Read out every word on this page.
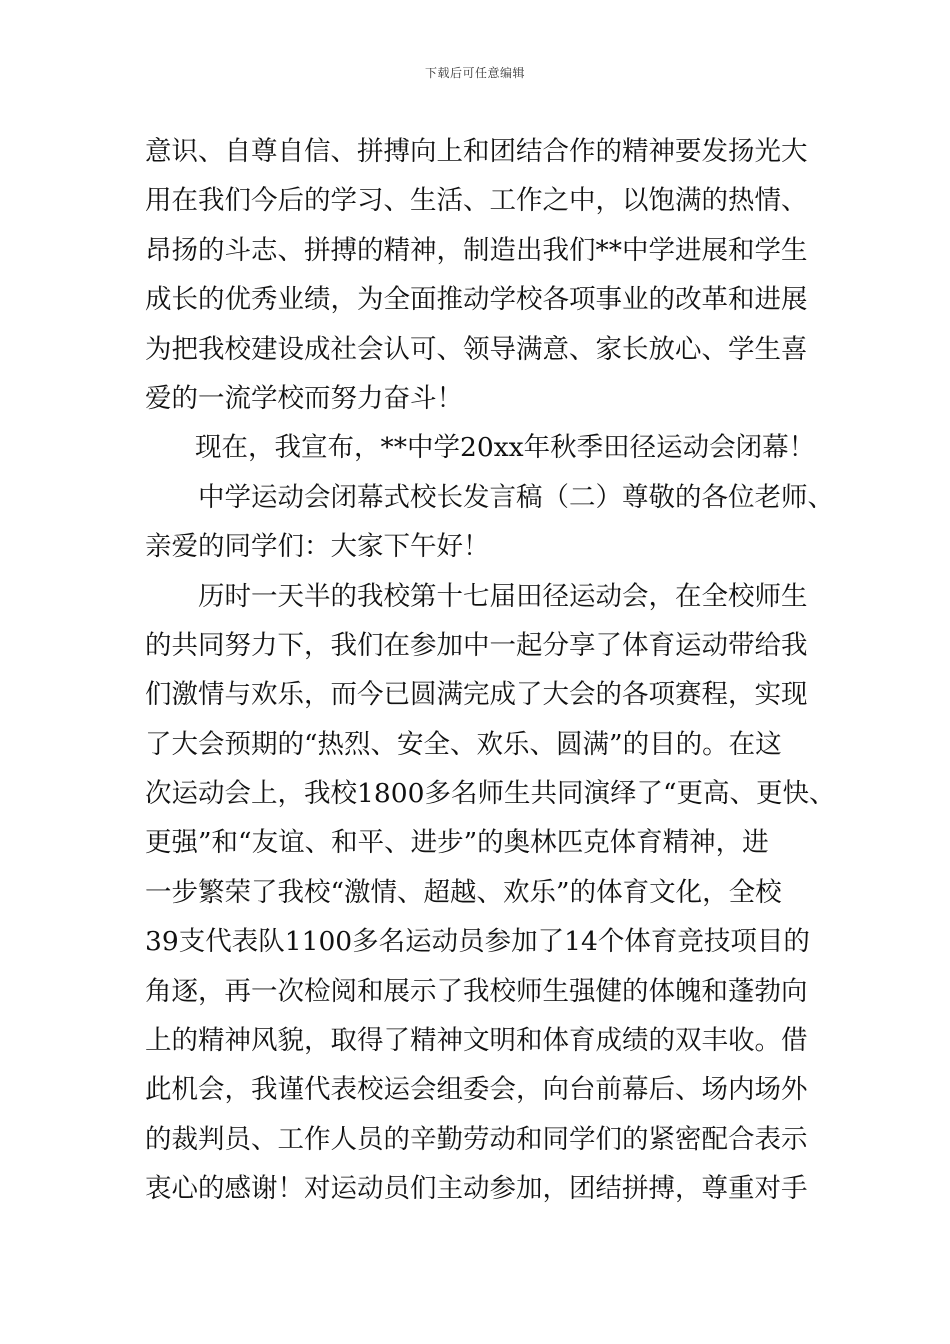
下载后可任意编辑
意识、自尊自信、拼搏向上和团结合作的精神要发扬光大
用在我们今后的学习、生活、工作之中，以饱满的热情、
昂扬的斗志、拼搏的精神，制造出我们**中学进展和学生
成长的优秀业绩，为全面推动学校各项事业的改革和进展
为把我校建设成社会认可、领导满意、家长放心、学生喜
爱的一流学校而努力奋斗！
现在，我宣布，**中学20xx年秋季田径运动会闭幕！
中学运动会闭幕式校长发言稿（二）尊敬的各位老师、
亲爱的同学们：大家下午好！
历时一天半的我校第十七届田径运动会，在全校师生
的共同努力下，我们在参加中一起分享了体育运动带给我
们激情与欢乐，而今已圆满完成了大会的各项赛程，实现
了大会预期的“热烈、安全、欢乐、圆满”的目的。在这
次运动会上，我校1800多名师生共同演绎了“更高、更快、
更强”和“友谊、和平、进步”的奥林匹克体育精神，进
一步繁荣了我校“激情、超越、欢乐”的体育文化，全校
39支代表队1100多名运动员参加了14个体育竞技项目的
角逐，再一次检阅和展示了我校师生强健的体魄和蓬勃向
上的精神风貌，取得了精神文明和体育成绩的双丰收。借
此机会，我谨代表校运会组委会，向台前幕后、场内场外
的裁判员、工作人员的辛勤劳动和同学们的紧密配合表示
衷心的感谢！对运动员们主动参加，团结拼搏，尊重对手
